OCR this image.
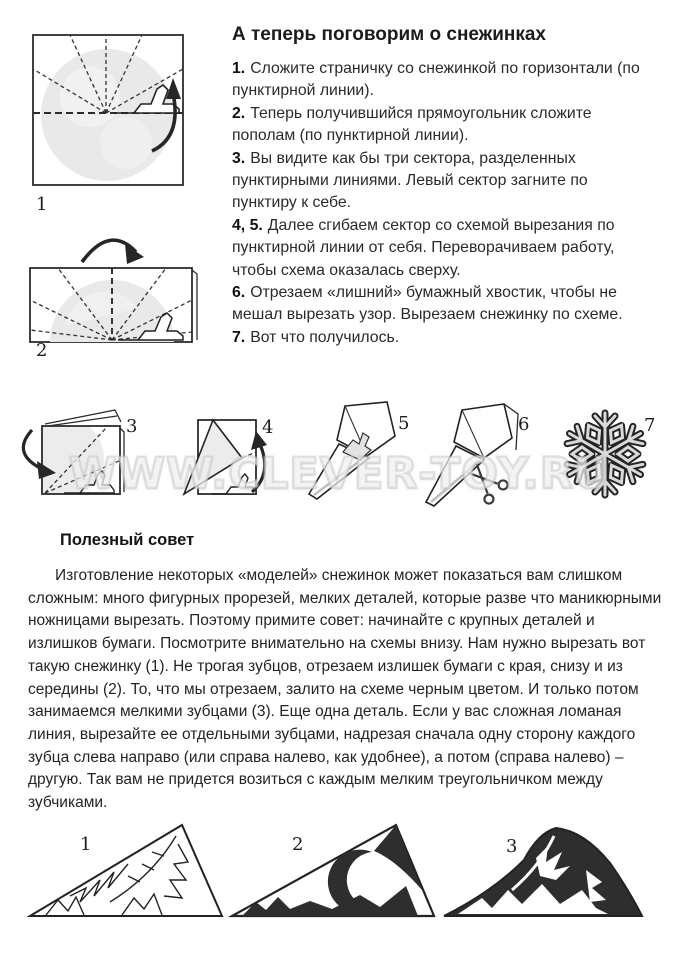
А теперь поговорим о снежинках

1. Сложите страничку со снежинкой по горизонтали (по пунктирной линии).

2. Теперь получившийся прямоугольник сложите пополам (по пунктирной линии).

3. Вы видите как бы три сектора, разделенных пунктирными линиями. Левый сектор загните по пунктиру к себе.

4, 5. Далее сгибаем сектор со схемой вырезания по пунктирной линии от себя. Переворачиваем работу, чтобы схема оказалась сверху.

6. Отрезаем «лишний» бумажный хвостик, чтобы не мешал вырезать узор. Вырезаем снежинку по схеме.

7. Вот что получилось.

1
2
3	4	5	6	7
WWW.CLEVER-TOY.RU
Полезный совет
Изготовление некоторых «моделей» снежинок может показаться вам слишком сложным: много фигурных прорезей, мелких деталей, которые разве что маникюрными ножницами вырезать. Поэтому примите совет: начинайте с крупных деталей и излишков бумаги. Посмотрите внимательно на схемы внизу. Нам нужно вырезать вот такую снежинку (1). Не трогая зубцов, отрезаем излишек бумаги с края, снизу и из середины (2). То, что мы отрезаем, залито на схеме черным цветом. И только потом занимаемся мелкими зубцами (3). Еще одна деталь. Если у вас сложная ломаная линия, вырезайте ее отдельными зубцами, надрезая сначала одну сторону каждого зубца слева направо (или справа налево, как удобнее), а потом (справа налево) – другую. Так вам не придется возиться с каждым мелким треугольничком между зубчиками.
1	2	3
